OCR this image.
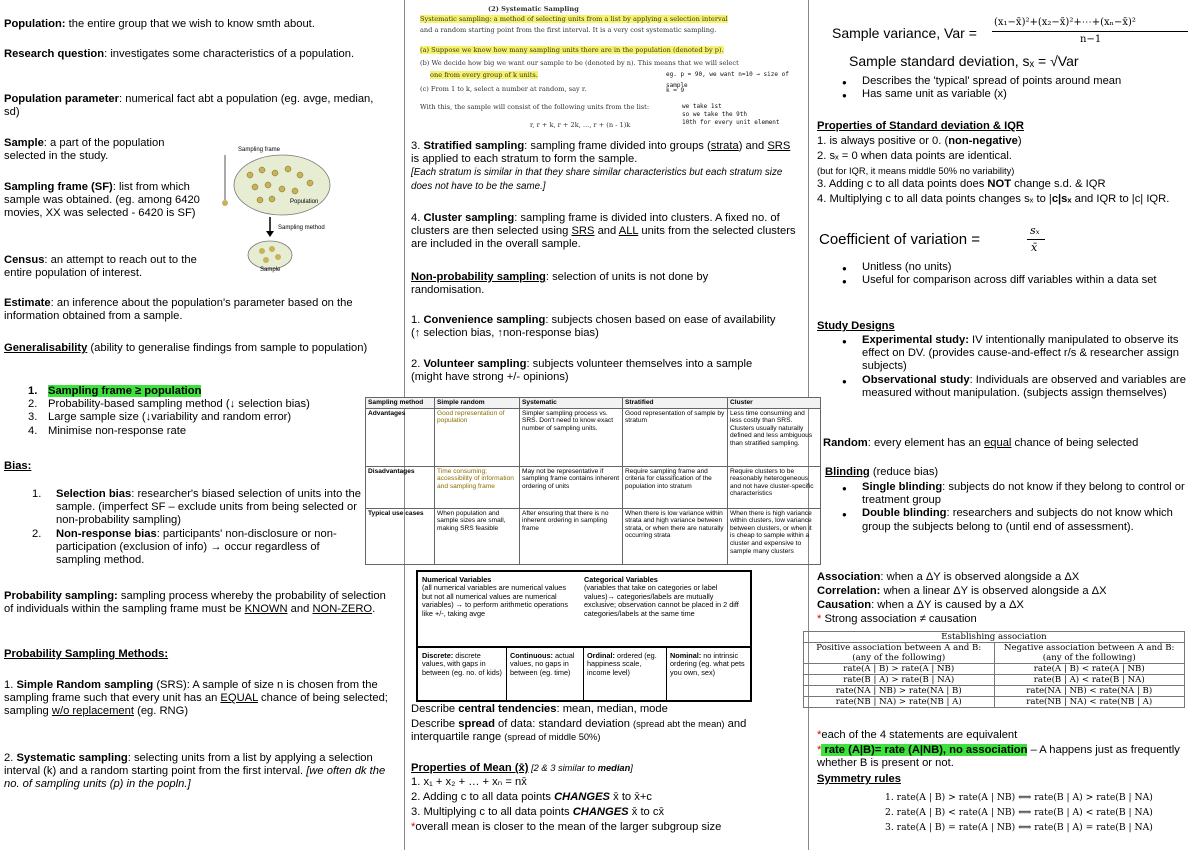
Population: the entire group that we wish to know smth about.
Research question: investigates some characteristics of a population.
Population parameter: numerical fact abt a population (eg. avge, median, sd)
Sample: a part of the population selected in the study.
Sampling frame (SF): list from which sample was obtained. (eg. among 6420 movies, XX was selected - 6420 is SF)
Census: an attempt to reach out to the entire population of interest.
Sampling frame
Population
Sampling method
Sample
Estimate: an inference about the population's parameter based on the information obtained from a sample.
Generalisability (ability to generalise findings from sample to population)
1. Sampling frame ≥ population
2. Probability-based sampling method (↓ selection bias)
3. Large sample size (↓variability and random error)
4. Minimise non-response rate
Bias:
1. Selection bias: researcher's biased selection of units into the sample. (imperfect SF – exclude units from being selected or non-probability sampling)
2. Non-response bias: participants' non-disclosure or non-participation (exclusion of info) → occur regardless of sampling method.
Probability sampling: sampling process whereby the probability of selection of individuals within the sampling frame must be KNOWN and NON-ZERO.
Probability Sampling Methods:
1. Simple Random sampling (SRS): A sample of size n is chosen from the sampling frame such that every unit has an EQUAL chance of being selected; sampling w/o replacement (eg. RNG)
2. Systematic sampling: selecting units from a list by applying a selection interval (k) and a random starting point from the first interval. [we often dk the no. of sampling units (p) in the popln.]
(2) Systematic Sampling
Systematic sampling: a method of selecting units from a list by applying a selection interval
and a random starting point from the first interval. It is a very cost systematic sampling.
(a) Suppose we know how many sampling units there are in the population (denoted by p).
(b) We decide how big we want our sample to be (denoted by n). This means that we will select
one from every group of k units.
(c) From 1 to k, select a number at random, say r.
With this, the sample will consist of the following units from the list:
r, r + k, r + 2k, ..., r + (n - 1)k
eg. p = 90, we want n=10 → size of sample
k = 9
we take 1st
so we take the 9th
10th for every unit element
3. Stratified sampling: sampling frame divided into groups (strata) and SRS is applied to each stratum to form the sample.
[Each stratum is similar in that they share similar characteristics but each stratum size does not have to be the same.]
4. Cluster sampling: sampling frame is divided into clusters. A fixed no. of clusters are then selected using SRS and ALL units from the selected clusters are included in the overall sample.
Non-probability sampling: selection of units is not done by randomisation.
1. Convenience sampling: subjects chosen based on ease of availability (↑ selection bias, ↑non-response bias)
2. Volunteer sampling: subjects volunteer themselves into a sample (might have strong +/- opinions)
Sampling method	Simple random	Systematic	Stratified	Cluster
Advantages	Good representation of population	Simpler sampling process vs. SRS. Don't need to know exact number of sampling units.	Good representation of sample by stratum	Less time consuming and less costly than SRS. Clusters usually naturally defined and less ambiguous than stratified sampling.
Disadvantages	Time consuming; accessibility of information and sampling frame	May not be representative if sampling frame contains inherent ordering of units	Require sampling frame and criteria for classification of the population into stratum	Require clusters to be reasonably heterogeneous and not have cluster-specific characteristics
Typical use cases	When population and sample sizes are small, making SRS feasible	After ensuring that there is no inherent ordering in sampling frame	When there is low variance within strata and high variance between strata, or when there are naturally occurring strata	When there is high variance within clusters, low variance between clusters, or when it is cheap to sample within a cluster and expensive to sample many clusters
Numerical Variables
(all numerical variables are numerical values but not all numerical values are numerical variables) → to perform arithmetic operations like +/-, taking avge
Categorical Variables
(variables that take on categories or label values)→ categories/labels are mutually exclusive; observation cannot be placed in 2 diff categories/labels at the same time
Discrete: discrete values, with gaps in between (eg. no. of kids)
Continuous: actual values, no gaps in between (eg. time)
Ordinal: ordered (eg. happiness scale, income level)
Nominal: no intrinsic ordering (eg. what pets you own, sex)
Describe central tendencies: mean, median, mode
Describe spread of data: standard deviation (spread abt the mean) and interquartile range (spread of middle 50%)
Properties of Mean (x̄) [2 & 3 similar to median]
1. x₁ + x₂ + … + xₙ = nx̄
2. Adding c to all data points CHANGES x̄ to x̄+c
3. Multiplying c to all data points CHANGES x̄ to cx̄
*overall mean is closer to the mean of the larger subgroup size
Sample variance, Var =
(x₁−x̄)²+(x₂−x̄)²+⋯+(xₙ−x̄)²
n−1
Sample standard deviation, sₓ = √Var
● Describes the 'typical' spread of points around mean
● Has same unit as variable (x)
Properties of Standard deviation & IQR
1. is always positive or 0. (non-negative)
2. sₓ = 0 when data points are identical.
(but for IQR, it means middle 50% no variability)
3. Adding c to all data points does NOT change s.d. & IQR
4. Multiplying c to all data points changes sₓ to |c|sₓ and IQR to |c| IQR.
Coefficient of variation =
sₓ
x̄
● Unitless (no units)
● Useful for comparison across diff variables within a data set
Study Designs
● Experimental study: IV intentionally manipulated to observe its effect on DV. (provides cause-and-effect r/s & researcher assign subjects)
● Observational study: Individuals are observed and variables are measured without manipulation. (subjects assign themselves)
Random: every element has an equal chance of being selected
Blinding (reduce bias)
● Single blinding: subjects do not know if they belong to control or treatment group
● Double blinding: researchers and subjects do not know which group the subjects belong to (until end of assessment).
Association: when a ΔY is observed alongside a ΔX
Correlation: when a linear ΔY is observed alongside a ΔX
Causation: when a ΔY is caused by a ΔX
* Strong association ≠ causation
Establishing association	
Positive association between A and B: (any of the following)	Negative association between A and B: (any of the following)
rate(A | B) > rate(A | NB)	rate(A | B) < rate(A | NB)
rate(B | A) > rate(B | NA)	rate(B | A) < rate(B | NA)
rate(NA | NB) > rate(NA | B)	rate(NA | NB) < rate(NA | B)
rate(NB | NA) > rate(NB | A)	rate(NB | NA) < rate(NB | A)
*each of the 4 statements are equivalent
* rate (A|B)= rate (A|NB), no association – A happens just as frequently whether B is present or not.
Symmetry rules
1. rate(A | B) > rate(A | NB) ⟺ rate(B | A) > rate(B | NA)
2. rate(A | B) < rate(A | NB) ⟺ rate(B | A) < rate(B | NA)
3. rate(A | B) = rate(A | NB) ⟺ rate(B | A) = rate(B | NA)
